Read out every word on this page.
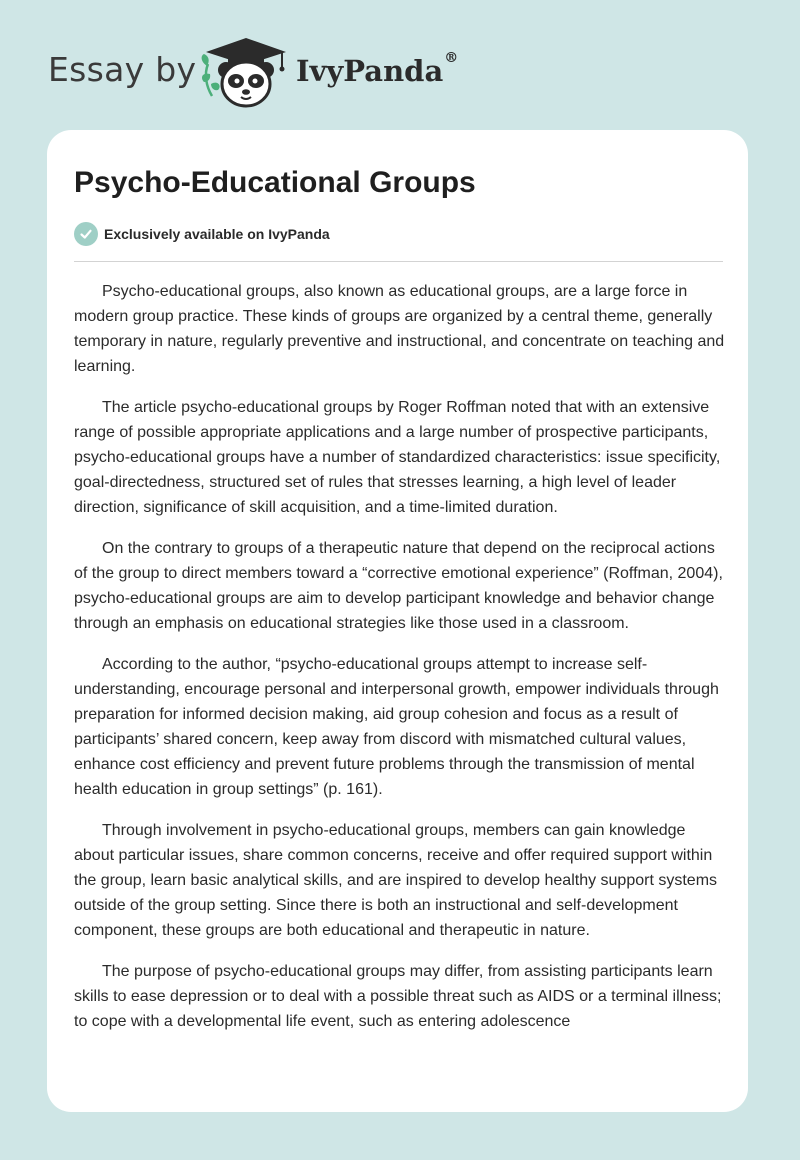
Essay by	IvyPanda®
Psycho-Educational Groups
Exclusively available on IvyPanda

Psycho-educational groups, also known as educational groups, are a large force in modern group practice. These kinds of groups are organized by a central theme, generally temporary in nature, regularly preventive and instructional, and concentrate on teaching and learning.

The article psycho-educational groups by Roger Roffman noted that with an extensive range of possible appropriate applications and a large number of prospective participants, psycho-educational groups have a number of standardized characteristics: issue specificity, goal-directedness, structured set of rules that stresses learning, a high level of leader direction, significance of skill acquisition, and a time-limited duration.

On the contrary to groups of a therapeutic nature that depend on the reciprocal actions of the group to direct members toward a “corrective emotional experience” (Roffman, 2004), psycho-educational groups are aim to develop participant knowledge and behavior change through an emphasis on educational strategies like those used in a classroom.

According to the author, “psycho-educational groups attempt to increase self-understanding, encourage personal and interpersonal growth, empower individuals through preparation for informed decision making, aid group cohesion and focus as a result of participants’ shared concern, keep away from discord with mismatched cultural values, enhance cost efficiency and prevent future problems through the transmission of mental health education in group settings” (p. 161).

Through involvement in psycho-educational groups, members can gain knowledge about particular issues, share common concerns, receive and offer required support within the group, learn basic analytical skills, and are inspired to develop healthy support systems outside of the group setting. Since there is both an instructional and self-development component, these groups are both educational and therapeutic in nature.

The purpose of psycho-educational groups may differ, from assisting participants learn skills to ease depression or to deal with a possible threat such as AIDS or a terminal illness; to cope with a developmental life event, such as entering adolescence
